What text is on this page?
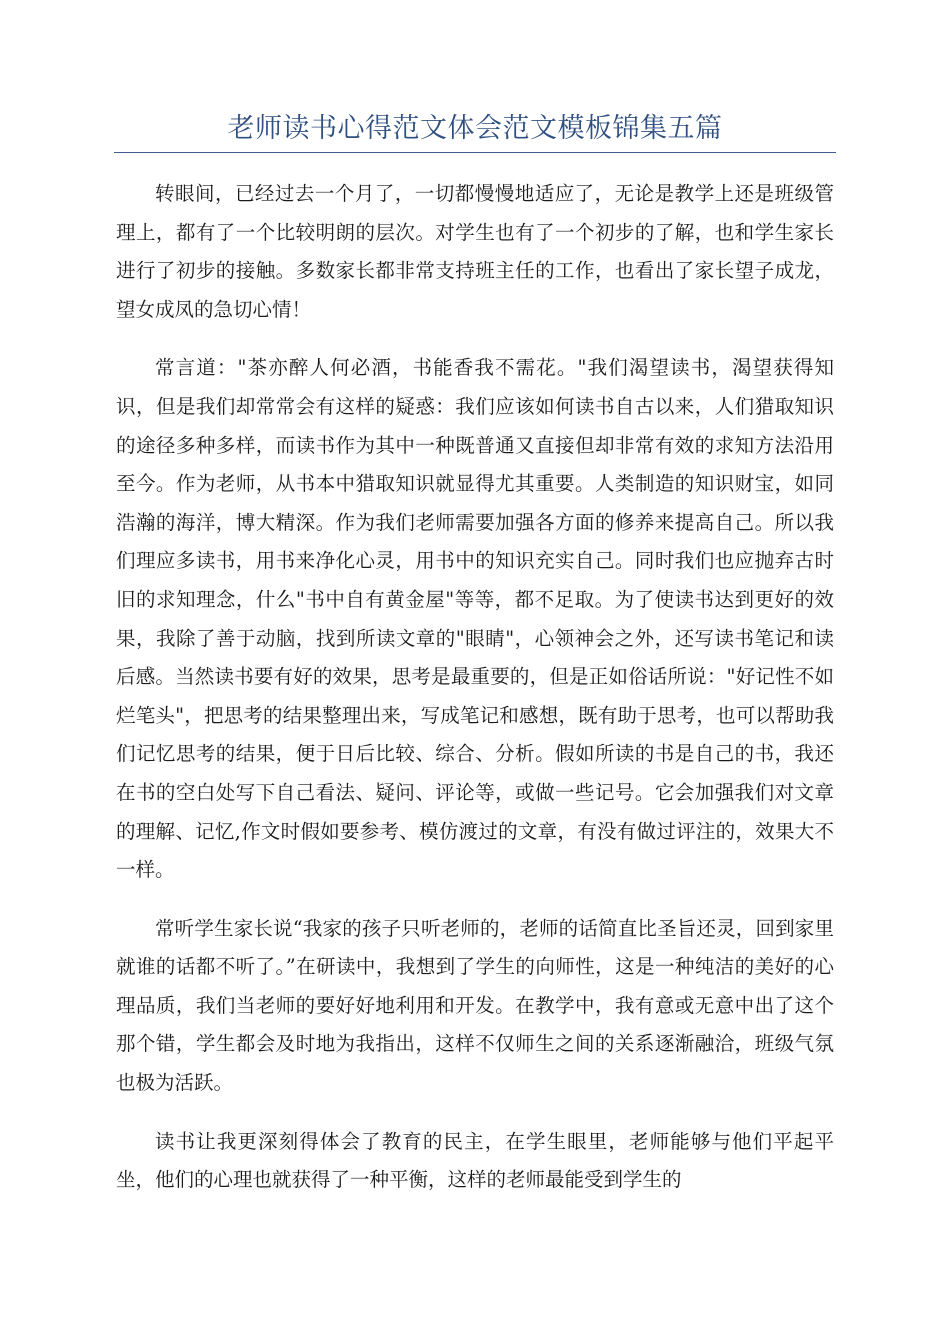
老师读书心得范文体会范文模板锦集五篇

转眼间，已经过去一个月了，一切都慢慢地适应了，无论是教学上还是班级管理上，都有了一个比较明朗的层次。对学生也有了一个初步的了解，也和学生家长进行了初步的接触。多数家长都非常支持班主任的工作，也看出了家长望子成龙，望女成凤的急切心情！

常言道："茶亦醉人何必酒，书能香我不需花。"我们渴望读书，渴望获得知识，但是我们却常常会有这样的疑惑：我们应该如何读书自古以来，人们猎取知识的途径多种多样，而读书作为其中一种既普通又直接但却非常有效的求知方法沿用至今。作为老师，从书本中猎取知识就显得尤其重要。人类制造的知识财宝，如同浩瀚的海洋，博大精深。作为我们老师需要加强各方面的修养来提高自己。所以我们理应多读书，用书来净化心灵，用书中的知识充实自己。同时我们也应抛弃古时旧的求知理念，什么"书中自有黄金屋"等等，都不足取。为了使读书达到更好的效果，我除了善于动脑，找到所读文章的"眼睛"，心领神会之外，还写读书笔记和读后感。当然读书要有好的效果，思考是最重要的，但是正如俗话所说："好记性不如烂笔头"，把思考的结果整理出来，写成笔记和感想，既有助于思考，也可以帮助我们记忆思考的结果，便于日后比较、综合、分析。假如所读的书是自己的书，我还在书的空白处写下自己看法、疑问、评论等，或做一些记号。它会加强我们对文章的理解、记忆,作文时假如要参考、模仿渡过的文章，有没有做过评注的，效果大不一样。

常听学生家长说“我家的孩子只听老师的，老师的话简直比圣旨还灵，回到家里就谁的话都不听了。”在研读中，我想到了学生的向师性，这是一种纯洁的美好的心理品质，我们当老师的要好好地利用和开发。在教学中，我有意或无意中出了这个那个错，学生都会及时地为我指出，这样不仅师生之间的关系逐渐融洽，班级气氛也极为活跃。

读书让我更深刻得体会了教育的民主，在学生眼里，老师能够与他们平起平坐，他们的心理也就获得了一种平衡，这样的老师最能受到学生的
